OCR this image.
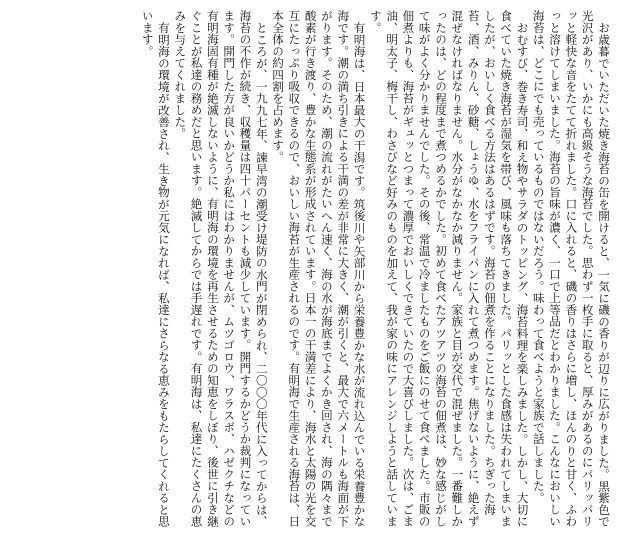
お歳暮でいただいた焼き海苔の缶を開けると、一気に磯の香りが辺りに広がりました。黒紫色で光沢があり、いかにも高級そうな海苔でした。思わず一枚手に取ると、厚みがあるのにパリッパリッと軽快な音をたてて折れました。口に入れると、磯の香りはさらに増し、ほんのりと甘く、ふわっと溶けてしまいました。海苔の旨味が濃く、一口で上等品だとわかりました。こんなにおいしい海苔は、どこにでも売っているものではないだろう。味わって食べようと家族で話しました。

おむすび、巻き寿司、和え物やサラダのトッピング、海苔料理を楽しみました。しかし、大切に食べていた焼き海苔が湿気を帯び、風味も落ちてきました。パリッとした食感は失われてしまいましたが、おいしく食べる方法はあるはずです。海苔の佃煮を作ることになりました。ちぎった海苔、酒、みりん、砂糖、しょうゆ、水をフライパンに入れて煮つめます。焦げないように、絶えず混ぜなければなりません。水分がなかなか減りません。家族と目が交代で混ぜました。一番難しかったのは、どの程度まで煮つめるかでした。初めて食べたアツアツの海苔の佃煮は、妙な感じがして味がよく分かりませんでした。その後、常温で冷ましたものをご飯にのせて食べました。市販の佃煮よりも、海苔がギュッとつまって濃厚でおいしくできていたので大喜びしました。次は、ごま油、明太子、梅干し、わさびなど好みのものを加えて、我が家の味にアレンジしようと話しています。

有明海は、日本最大の干潟です。筑後川や矢部川から栄養豊かな水が流れ込んでいる栄養豊かな海です。潮の満ち引きによる干満の差が非常に大きく、潮が引くと、最大で六メートルも海面が下がります。そのため、潮の流れがたいへん速く、海の水が海底までよくかき回され、海の隅々まで酸素が行き渡り、豊かな生態系が形成されています。日本一の干満差により、海水と太陽の光を交互にたっぷり吸収できるので、おいしい海苔が生産されるのです。有明海で生産される海苔は、日本全体の約四割を占めます。

ところが、一九九七年、諫早湾の潮受け堤防の水門が閉められ、二〇〇〇年代に入ってからは、海苔の不作が続き、収穫量は四十パーセントも減少しています。開門するかどうか裁判になっています。開門した方が良いかどうか私にはわかりませんが、ムツゴロウ、ワラスボ、ハゼクチなどの有明海固有種が絶滅しないように、有明海の環境を再生させるための知恵をしぼり、後世に引き継ぐことが私達の務めだと思います。絶滅してからでは手遅れです。有明海は、私達にたくさんの恵みを与えてくれました。

有明海の環境が改善され、生き物が元気になれば、私達にさらなる恵みをもたらしてくれると思います。
